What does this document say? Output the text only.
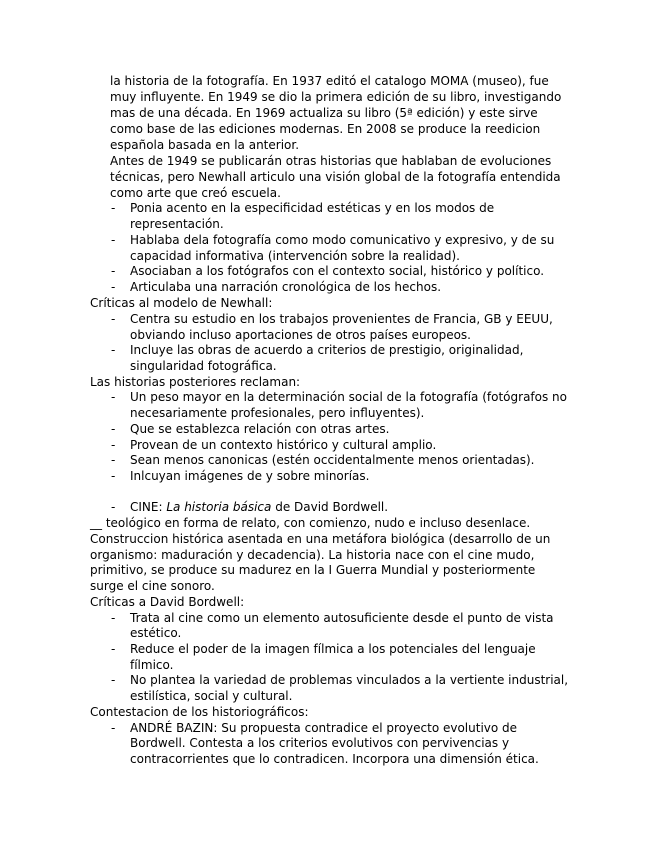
la historia de la fotografía. En 1937 editó el catalogo MOMA (museo), fue
muy influyente. En 1949 se dio la primera edición de su libro, investigando
mas de una década. En 1969 actualiza su libro (5ª edición) y este sirve
como base de las ediciones modernas. En 2008 se produce la reedicion
española basada en la anterior.
Antes de 1949 se publicarán otras historias que hablaban de evoluciones
técnicas, pero Newhall articulo una visión global de la fotografía entendida
como arte que creó escuela.
- Ponia acento en la especificidad estéticas y en los modos de
representación.
- Hablaba dela fotografía como modo comunicativo y expresivo, y de su
capacidad informativa (intervención sobre la realidad).
- Asociaban a los fotógrafos con el contexto social, histórico y político.
- Articulaba una narración cronológica de los hechos.
Críticas al modelo de Newhall:
- Centra su estudio en los trabajos provenientes de Francia, GB y EEUU,
obviando incluso aportaciones de otros países europeos.
- Incluye las obras de acuerdo a criterios de prestigio, originalidad,
singularidad fotográfica.
Las historias posteriores reclaman:
- Un peso mayor en la determinación social de la fotografía (fotógrafos no
necesariamente profesionales, pero influyentes).
- Que se establezca relación con otras artes.
- Provean de un contexto histórico y cultural amplio.
- Sean menos canonicas (estén occidentalmente menos orientadas).
- Inlcuyan imágenes de y sobre minorías.
- CINE: La historia básica de David Bordwell.
__ teológico en forma de relato, con comienzo, nudo e incluso desenlace.
Construccion histórica asentada en una metáfora biológica (desarrollo de un
organismo: maduración y decadencia). La historia nace con el cine mudo,
primitivo, se produce su madurez en la I Guerra Mundial y posteriormente
surge el cine sonoro.
Críticas a David Bordwell:
- Trata al cine como un elemento autosuficiente desde el punto de vista
estético.
- Reduce el poder de la imagen fílmica a los potenciales del lenguaje
fílmico.
- No plantea la variedad de problemas vinculados a la vertiente industrial,
estilística, social y cultural.
Contestacion de los historiográficos:
- ANDRÉ BAZIN: Su propuesta contradice el proyecto evolutivo de
Bordwell. Contesta a los criterios evolutivos con pervivencias y
contracorrientes que lo contradicen. Incorpora una dimensión ética.
